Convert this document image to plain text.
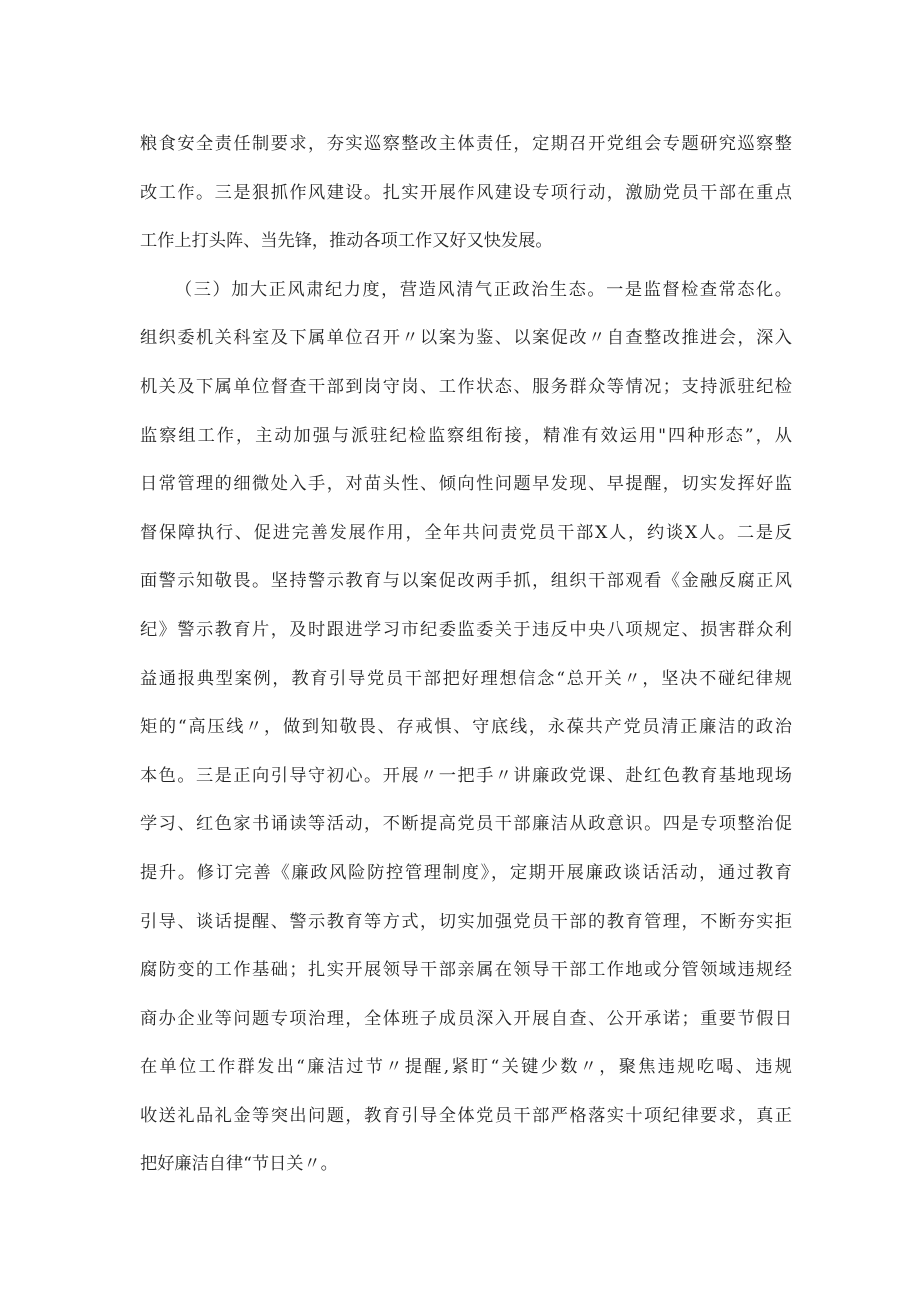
粮食安全责任制要求，夯实巡察整改主体责任，定期召开党组会专题研究巡察整
改工作。三是狠抓作风建设。扎实开展作风建设专项行动，激励党员干部在重点
工作上打头阵、当先锋，推动各项工作又好又快发展。
（三）加大正风肃纪力度，营造风清气正政治生态。一是监督检查常态化。
组织委机关科室及下属单位召开〃以案为鉴、以案促改〃自查整改推进会，深入
机关及下属单位督查干部到岗守岗、工作状态、服务群众等情况；支持派驻纪检
监察组工作，主动加强与派驻纪检监察组衔接，精准有效运用"四种形态”，从
日常管理的细微处入手，对苗头性、倾向性问题早发现、早提醒，切实发挥好监
督保障执行、促进完善发展作用，全年共问责党员干部X人，约谈X人。二是反
面警示知敬畏。坚持警示教育与以案促改两手抓，组织干部观看《金融反腐正风
纪》警示教育片，及时跟进学习市纪委监委关于违反中央八项规定、损害群众利
益通报典型案例，教育引导党员干部把好理想信念“总开关〃，坚决不碰纪律规
矩的“高压线〃，做到知敬畏、存戒惧、守底线，永葆共产党员清正廉洁的政治
本色。三是正向引导守初心。开展〃一把手〃讲廉政党课、赴红色教育基地现场
学习、红色家书诵读等活动，不断提高党员干部廉洁从政意识。四是专项整治促
提升。修订完善《廉政风险防控管理制度》，定期开展廉政谈话活动，通过教育
引导、谈话提醒、警示教育等方式，切实加强党员干部的教育管理，不断夯实拒
腐防变的工作基础；扎实开展领导干部亲属在领导干部工作地或分管领域违规经
商办企业等问题专项治理，全体班子成员深入开展自查、公开承诺；重要节假日
在单位工作群发出“廉洁过节〃提醒,紧盯“关键少数〃，聚焦违规吃喝、违规
收送礼品礼金等突出问题，教育引导全体党员干部严格落实十项纪律要求，真正
把好廉洁自律“节日关〃。
